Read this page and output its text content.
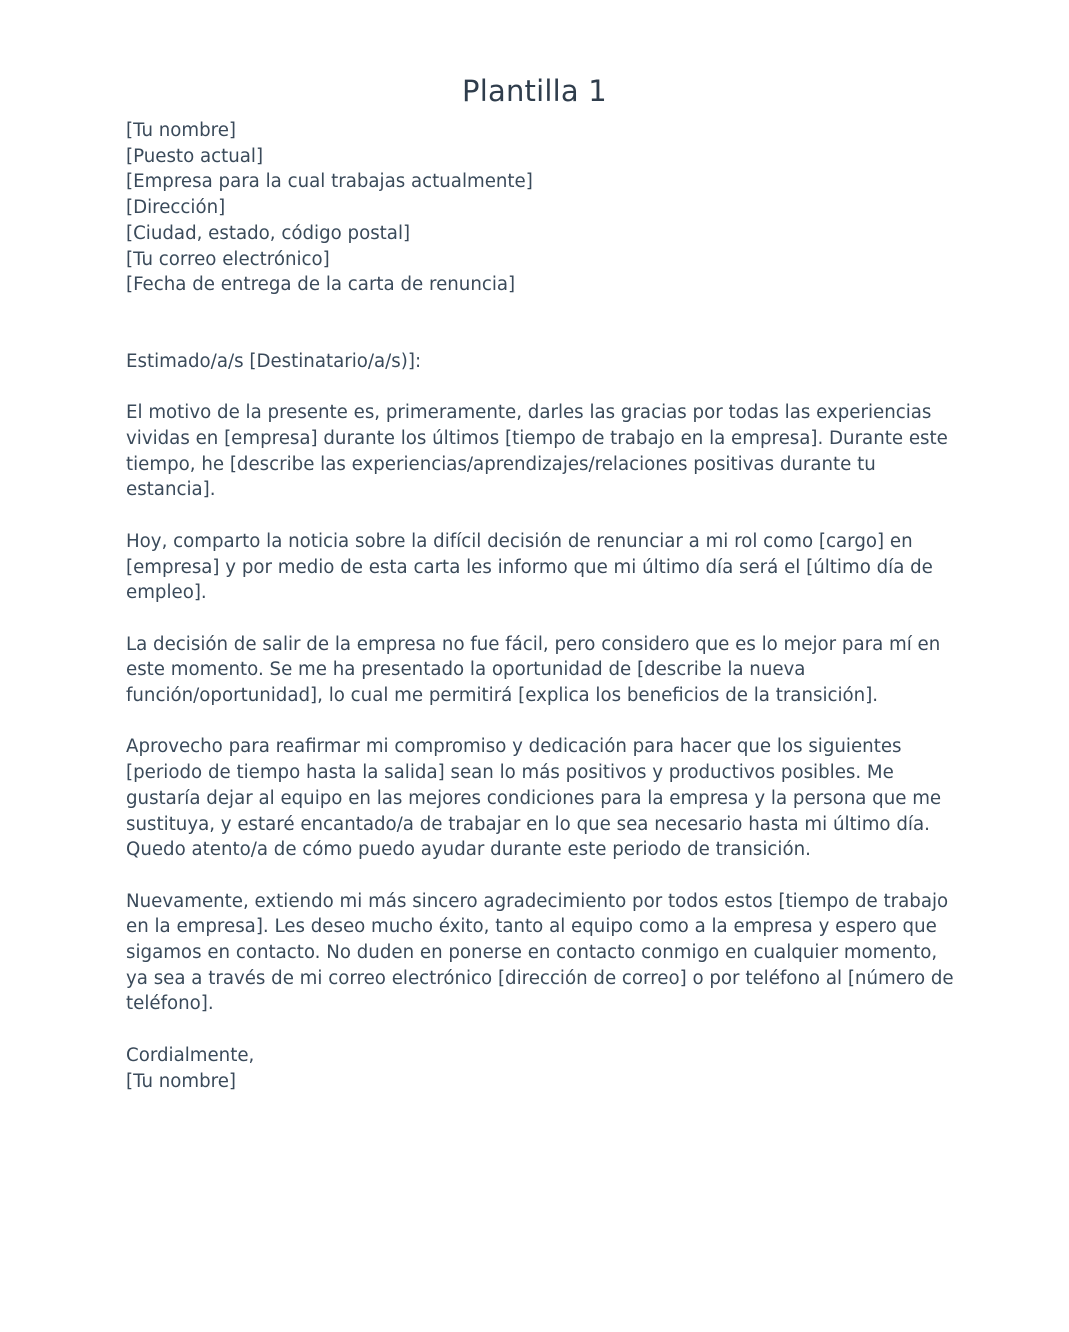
Plantilla 1
[Tu nombre]
[Puesto actual]
[Empresa para la cual trabajas actualmente]
[Dirección]
[Ciudad, estado, código postal]
[Tu correo electrónico]
[Fecha de entrega de la carta de renuncia]

Estimado/a/s [Destinatario/a/s)]:

El motivo de la presente es, primeramente, darles las gracias por todas las experiencias vividas en [empresa] durante los últimos [tiempo de trabajo en la empresa]. Durante este tiempo, he [describe las experiencias/aprendizajes/relaciones positivas durante tu estancia].

Hoy, comparto la noticia sobre la difícil decisión de renunciar a mi rol como [cargo] en [empresa] y por medio de esta carta les informo que mi último día será el [último día de empleo].

La decisión de salir de la empresa no fue fácil, pero considero que es lo mejor para mí en este momento. Se me ha presentado la oportunidad de [describe la nueva función/oportunidad], lo cual me permitirá [explica los beneficios de la transición].

Aprovecho para reafirmar mi compromiso y dedicación para hacer que los siguientes [periodo de tiempo hasta la salida] sean lo más positivos y productivos posibles. Me gustaría dejar al equipo en las mejores condiciones para la empresa y la persona que me sustituya, y estaré encantado/a de trabajar en lo que sea necesario hasta mi último día. Quedo atento/a de cómo puedo ayudar durante este periodo de transición.

Nuevamente, extiendo mi más sincero agradecimiento por todos estos [tiempo de trabajo en la empresa]. Les deseo mucho éxito, tanto al equipo como a la empresa y espero que sigamos en contacto. No duden en ponerse en contacto conmigo en cualquier momento, ya sea a través de mi correo electrónico [dirección de correo] o por teléfono al [número de teléfono].

Cordialmente,
[Tu nombre]
